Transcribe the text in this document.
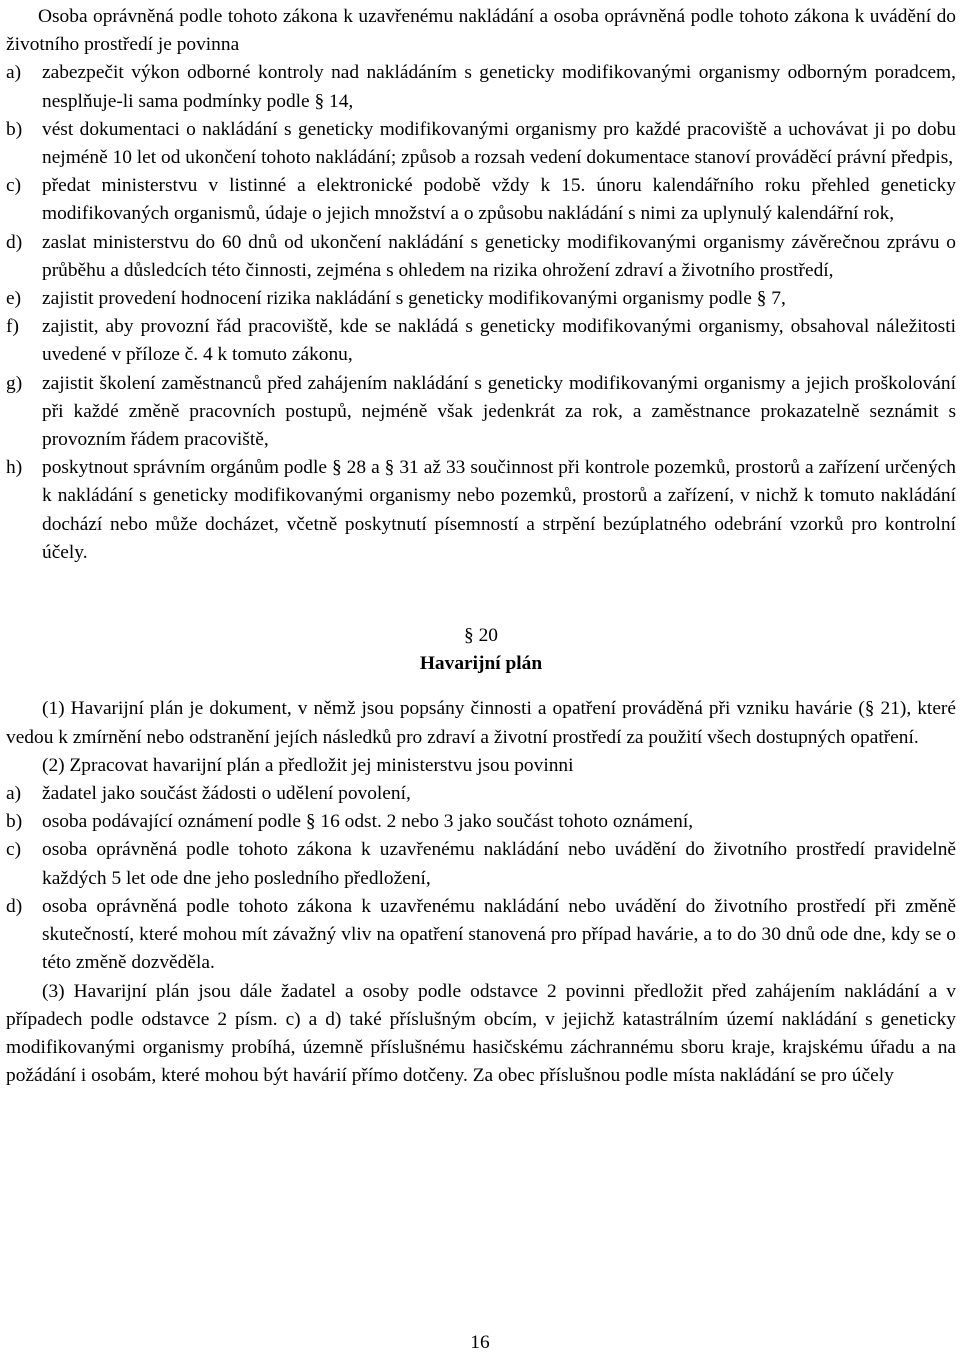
Osoba oprávněná podle tohoto zákona k uzavřenému nakládání a osoba oprávněná podle tohoto zákona k uvádění do životního prostředí je povinna

a)	zabezpečit výkon odborné kontroly nad nakládáním s geneticky modifikovanými organismy odborným poradcem, nesplňuje-li sama podmínky podle § 14,

b)	vést dokumentaci o nakládání s geneticky modifikovanými organismy pro každé pracoviště a uchovávat ji po dobu nejméně 10 let od ukončení tohoto nakládání; způsob a rozsah vedení dokumentace stanoví prováděcí právní předpis,

c)	předat ministerstvu v listinné a elektronické podobě vždy k 15. únoru kalendářního roku přehled geneticky modifikovaných organismů, údaje o jejich množství a o způsobu nakládání s nimi za uplynulý kalendářní rok,

d)	zaslat ministerstvu do 60 dnů od ukončení nakládání s geneticky modifikovanými organismy závěrečnou zprávu o průběhu a důsledcích této činnosti, zejména s ohledem na rizika ohrožení zdraví a životního prostředí,

e)	zajistit provedení hodnocení rizika nakládání s geneticky modifikovanými organismy podle § 7,

f)	zajistit, aby provozní řád pracoviště, kde se nakládá s geneticky modifikovanými organismy, obsahoval náležitosti uvedené v příloze č. 4 k tomuto zákonu,

g)	zajistit školení zaměstnanců před zahájením nakládání s geneticky modifikovanými organismy a jejich proškolování při každé změně pracovních postupů, nejméně však jedenkrát za rok, a zaměstnance prokazatelně seznámit s provozním řádem pracoviště,

h)	poskytnout správním orgánům podle § 28 a § 31 až 33 součinnost při kontrole pozemků, prostorů a zařízení určených k nakládání s geneticky modifikovanými organismy nebo pozemků, prostorů a zařízení, v nichž k tomuto nakládání dochází nebo může docházet, včetně poskytnutí písemností a strpění bezúplatného odebrání vzorků pro kontrolní účely.

§ 20
Havarijní plán

(1) Havarijní plán je dokument, v němž jsou popsány činnosti a opatření prováděná při vzniku havárie (§ 21), které vedou k zmírnění nebo odstranění jejích následků pro zdraví a životní prostředí za použití všech dostupných opatření.

(2) Zpracovat havarijní plán a předložit jej ministerstvu jsou povinni

a)	žadatel jako součást žádosti o udělení povolení,

b)	osoba podávající oznámení podle § 16 odst. 2 nebo 3 jako součást tohoto oznámení,

c)	osoba oprávněná podle tohoto zákona k uzavřenému nakládání nebo uvádění do životního prostředí pravidelně každých 5 let ode dne jeho posledního předložení,

d)	osoba oprávněná podle tohoto zákona k uzavřenému nakládání nebo uvádění do životního prostředí při změně skutečností, které mohou mít závažný vliv na opatření stanovená pro případ havárie, a to do 30 dnů ode dne, kdy se o této změně dozvěděla.

(3) Havarijní plán jsou dále žadatel a osoby podle odstavce 2 povinni předložit před zahájením nakládání a v případech podle odstavce 2 písm. c) a d) také příslušným obcím, v jejichž katastrálním území nakládání s geneticky modifikovanými organismy probíhá, územně příslušnému hasičskému záchrannému sboru kraje, krajskému úřadu a na požádání i osobám, které mohou být havárií přímo dotčeny. Za obec příslušnou podle místa nakládání se pro účely

16
